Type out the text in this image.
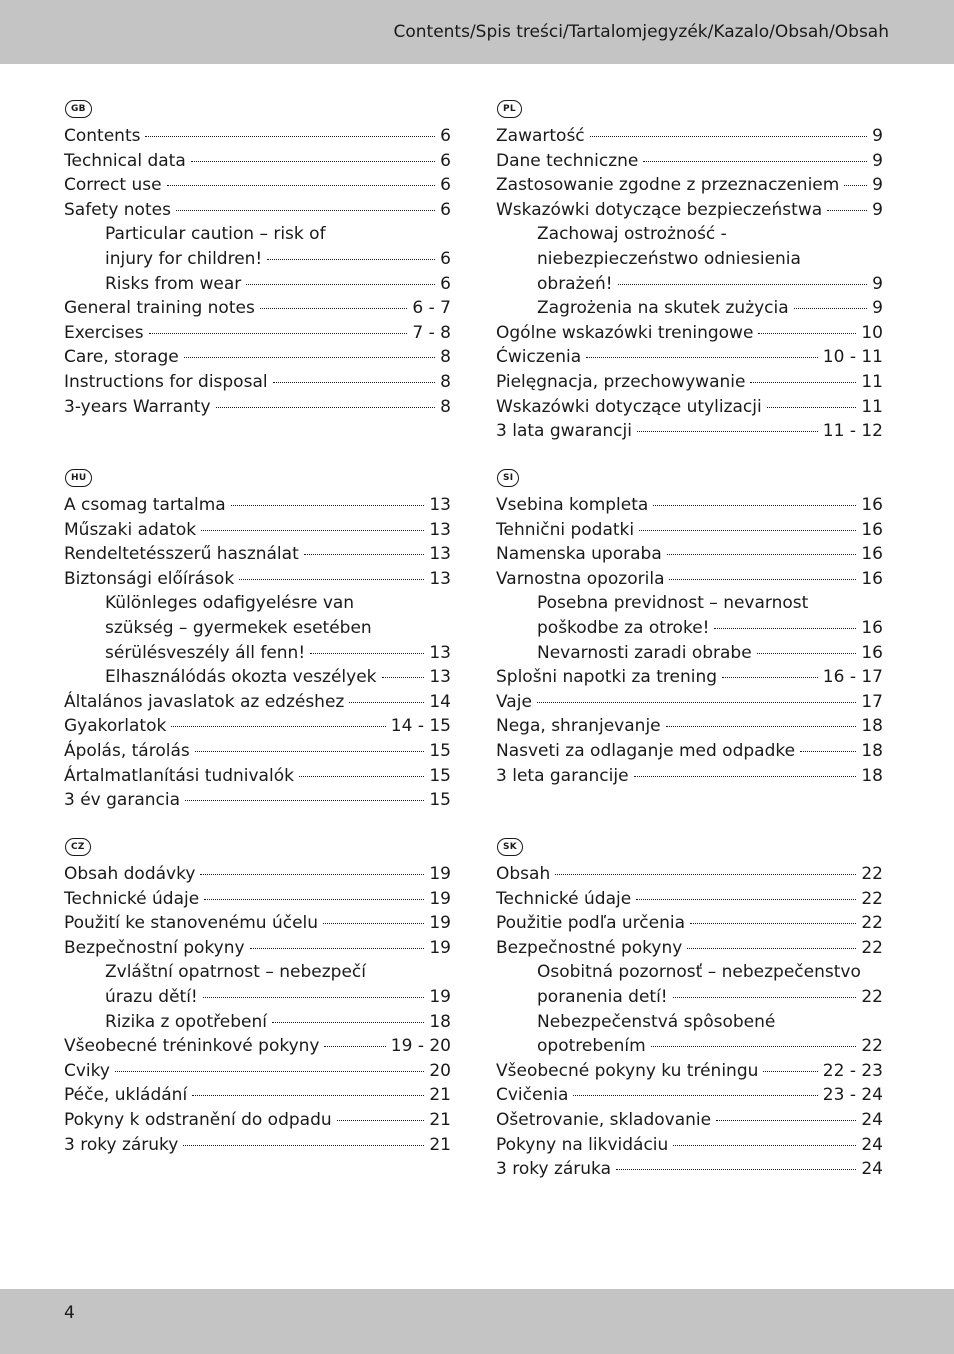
Contents/Spis treści/Tartalomjegyzék/Kazalo/Obsah/Obsah
GB
Contents	6
Technical data	6
Correct use	6
Safety notes	6
Particular caution – risk of
injury for children!	6
Risks from wear	6
General training notes	6 - 7
Exercises	7 - 8
Care, storage	8
Instructions for disposal	8
3-years Warranty	8
PL
Zawartość	9
Dane techniczne	9
Zastosowanie zgodne z przeznaczeniem 9
Wskazówki dotyczące bezpieczeństwa	9
Zachowaj ostrożność -
niebezpieczeństwo odniesienia
obrażeń!	9
Zagrożenia na skutek zużycia	9
Ogólne wskazówki treningowe	10
Ćwiczenia	10 - 11
Pielęgnacja, przechowywanie	11
Wskazówki dotyczące utylizacji	11
3 lata gwarancji	11 - 12
HU
A csomag tartalma	13
Műszaki adatok	13
Rendeltetésszerű használat	13
Biztonsági előírások	13
Különleges odafigyelésre van
szükség – gyermekek esetében
sérülésveszély áll fenn!	13
Elhasználódás okozta veszélyek	13
Általános javaslatok az edzéshez	14
Gyakorlatok	14 - 15
Ápolás, tárolás	15
Ártalmatlanítási tudnivalók	15
3 év garancia	15
SI
Vsebina kompleta	16
Tehnični podatki	16
Namenska uporaba	16
Varnostna opozorila	16
Posebna previdnost – nevarnost
poškodbe za otroke!	16
Nevarnosti zaradi obrabe	16
Splošni napotki za trening	16 - 17
Vaje	17
Nega, shranjevanje	18
Nasveti za odlaganje med odpadke	18
3 leta garancije	18
CZ
Obsah dodávky	19
Technické údaje	19
Použití ke stanovenému účelu	19
Bezpečnostní pokyny	19
Zvláštní opatrnost – nebezpečí
úrazu dětí!	19
Rizika z opotřebení	18
Všeobecné tréninkové pokyny	19 - 20
Cviky	20
Péče, ukládání	21
Pokyny k odstranění do odpadu	21
3 roky záruky	21
SK
Obsah	22
Technické údaje	22
Použitie podľa určenia	22
Bezpečnostné pokyny	22
Osobitná pozornosť – nebezpečenstvo
poranenia detí!	22
Nebezpečenstvá spôsobené
opotrebením	22
Všeobecné pokyny ku tréningu	22 - 23
Cvičenia	23 - 24
Ošetrovanie, skladovanie	24
Pokyny na likvidáciu	24
3 roky záruka	24
4
